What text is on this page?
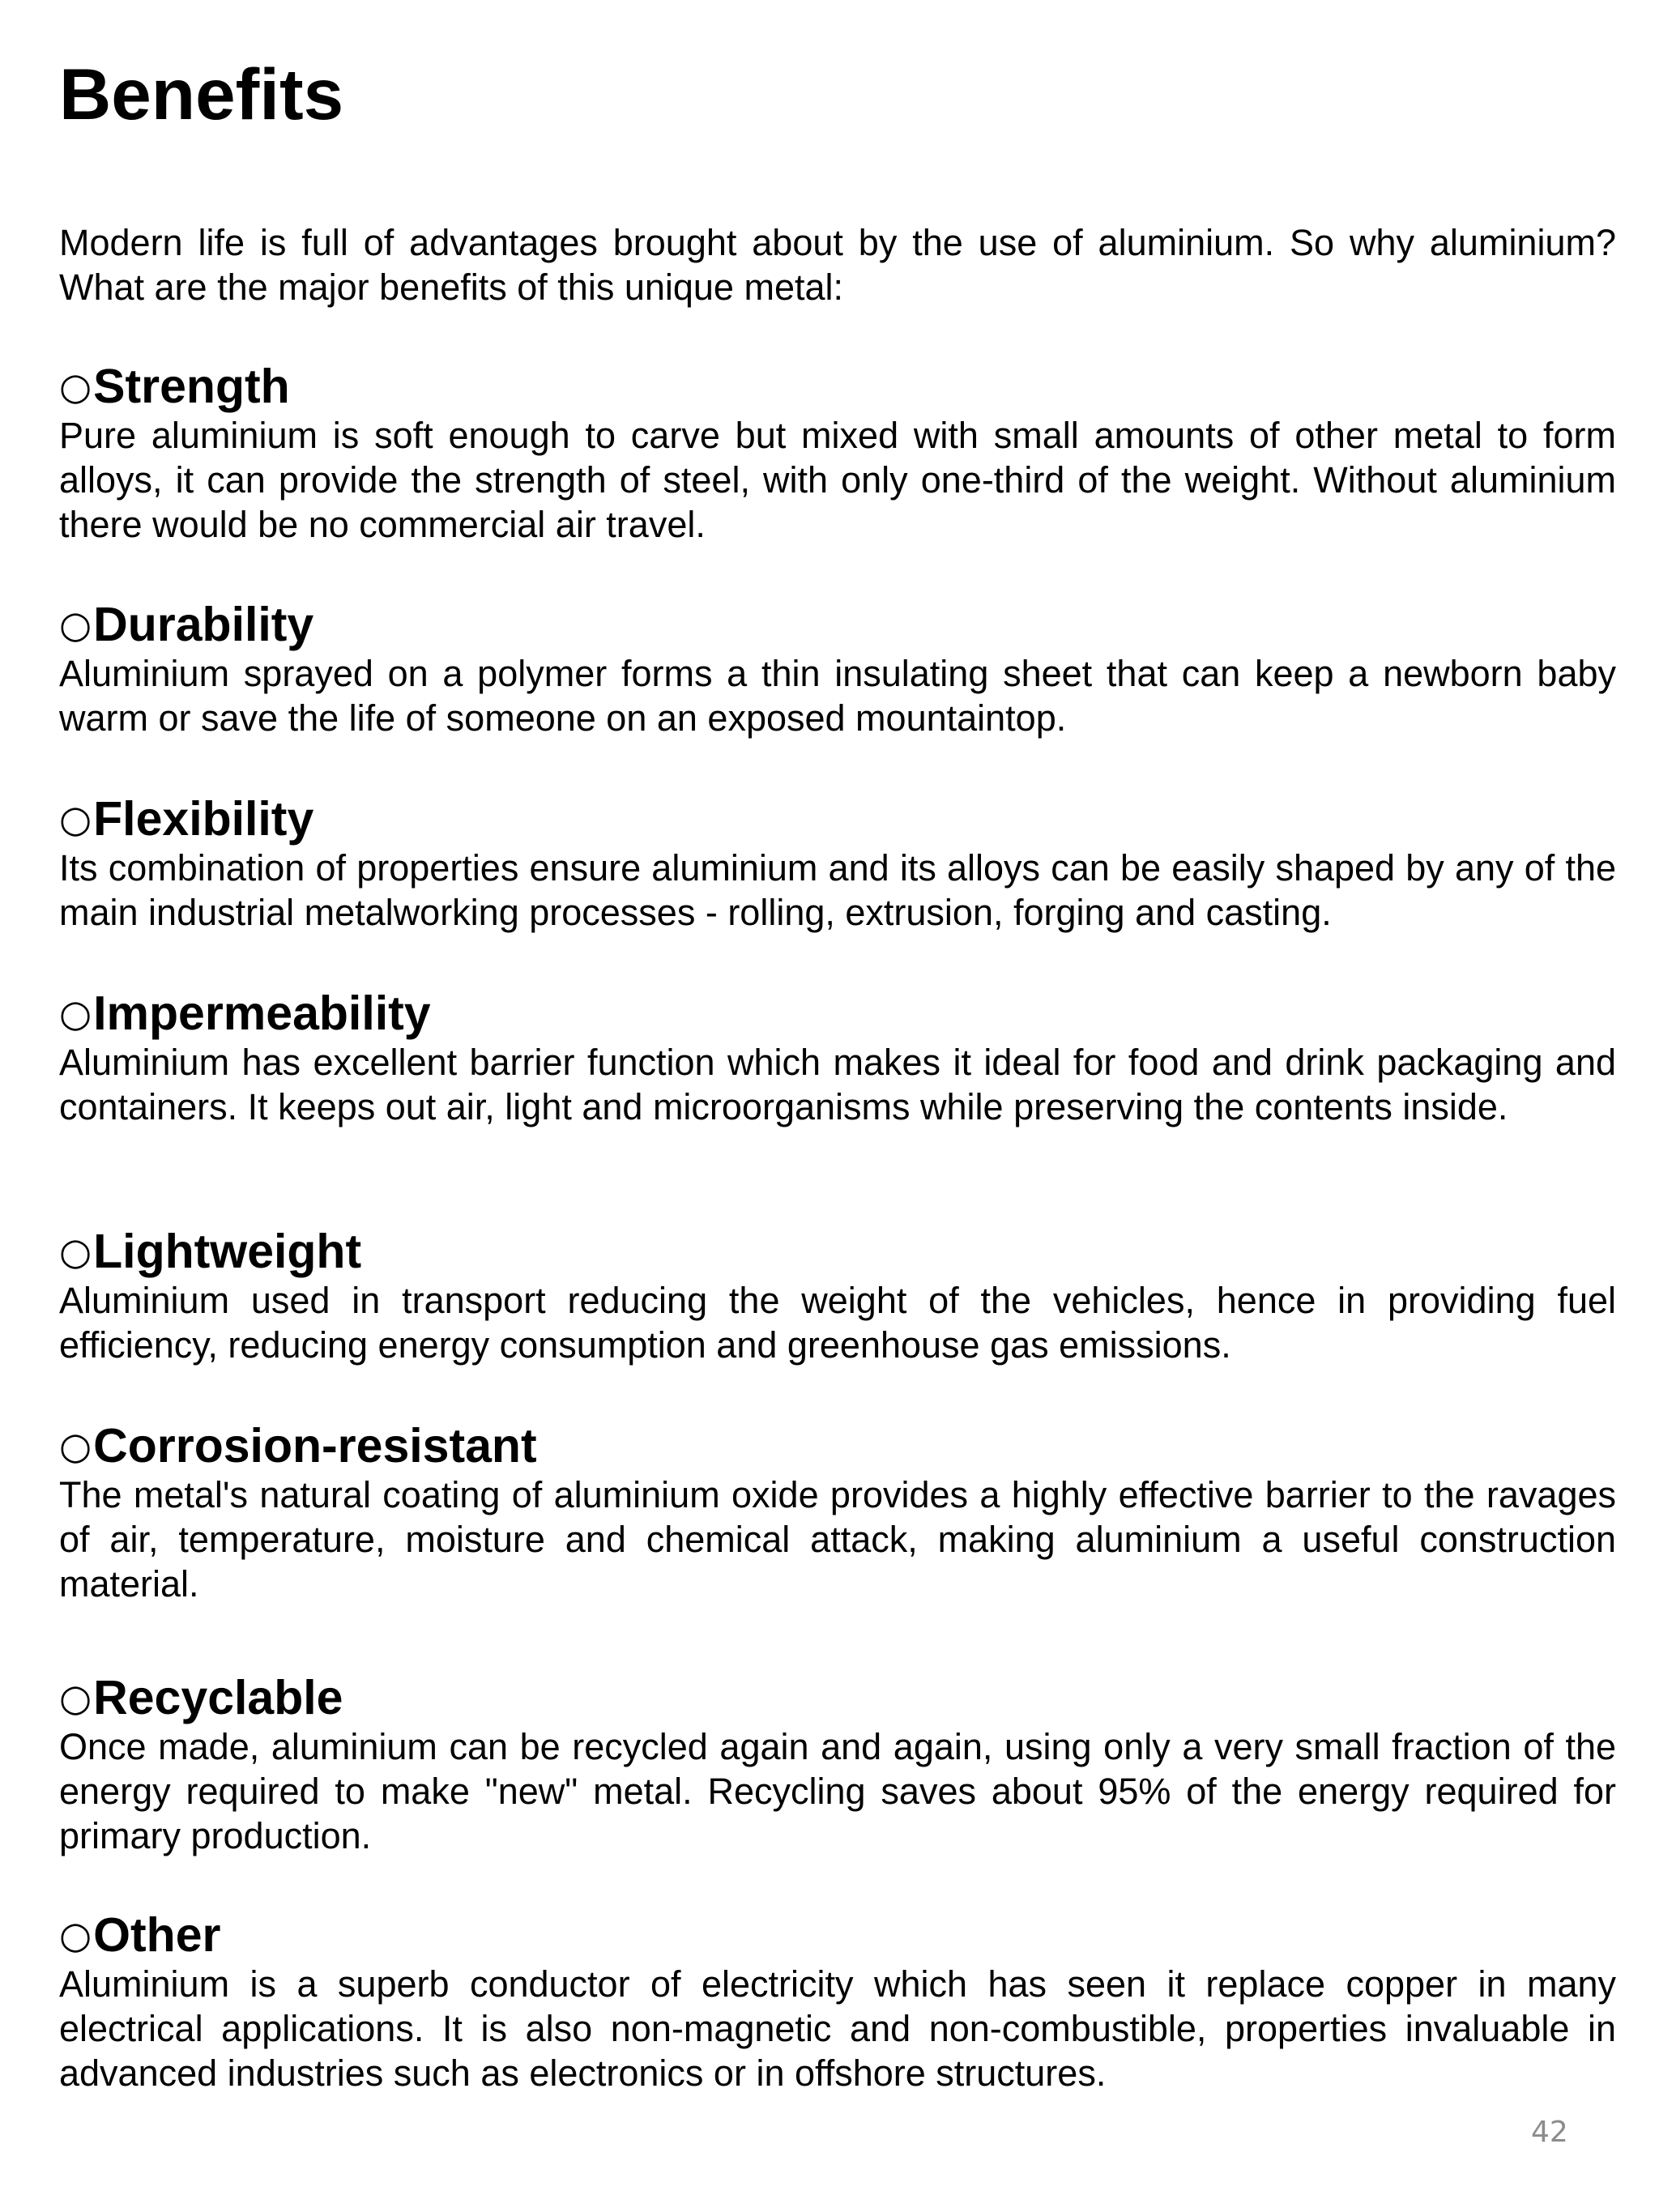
Benefits

Modern life is full of advantages brought about by the use of aluminium. So why aluminium? What are the major benefits of this unique metal:

○Strength

Pure aluminium is soft enough to carve but mixed with small amounts of other metal to form alloys, it can provide the strength of steel, with only one-third of the weight. Without aluminium there would be no commercial air travel.

○Durability

Aluminium sprayed on a polymer forms a thin insulating sheet that can keep a newborn baby warm or save the life of someone on an exposed mountaintop.

○Flexibility

Its combination of properties ensure aluminium and its alloys can be easily shaped by any of the main industrial metalworking processes - rolling, extrusion, forging and casting.

○Impermeability

Aluminium has excellent barrier function which makes it ideal for food and drink packaging and containers. It keeps out air, light and microorganisms while preserving the contents inside.

○Lightweight

Aluminium used in transport reducing the weight of the vehicles, hence in providing fuel efficiency, reducing energy consumption and greenhouse gas emissions.

○Corrosion-resistant

The metal's natural coating of aluminium oxide provides a highly effective barrier to the ravages of air, temperature, moisture and chemical attack, making aluminium a useful construction material.

○Recyclable

Once made, aluminium can be recycled again and again, using only a very small fraction of the energy required to make "new" metal. Recycling saves about 95% of the energy required for primary production.

○Other

Aluminium is a superb conductor of electricity which has seen it replace copper in many electrical applications. It is also non-magnetic and non-combustible, properties invaluable in advanced industries such as electronics or in offshore structures.

42
